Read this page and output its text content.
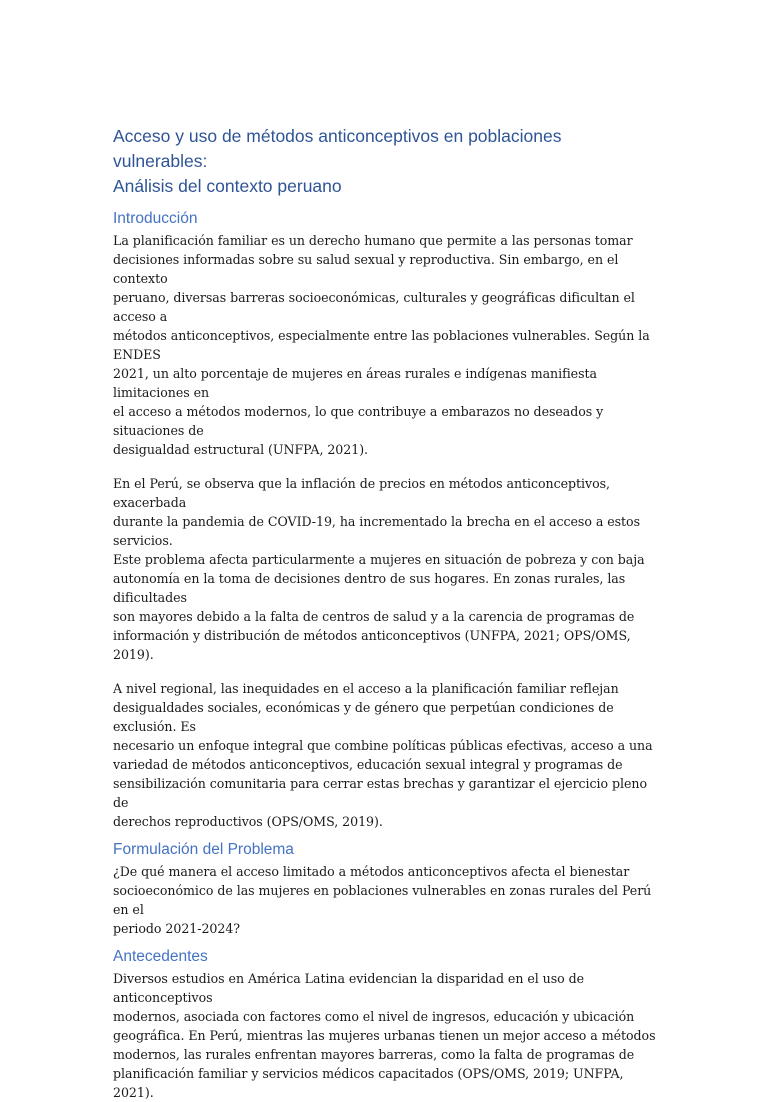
Acceso y uso de métodos anticonceptivos en poblaciones vulnerables:
Análisis del contexto peruano
Introducción

La planificación familiar es un derecho humano que permite a las personas tomar
decisiones informadas sobre su salud sexual y reproductiva. Sin embargo, en el contexto
peruano, diversas barreras socioeconómicas, culturales y geográficas dificultan el acceso a
métodos anticonceptivos, especialmente entre las poblaciones vulnerables. Según la ENDES
2021, un alto porcentaje de mujeres en áreas rurales e indígenas manifiesta limitaciones en
el acceso a métodos modernos, lo que contribuye a embarazos no deseados y situaciones de
desigualdad estructural (UNFPA, 2021).

En el Perú, se observa que la inflación de precios en métodos anticonceptivos, exacerbada
durante la pandemia de COVID-19, ha incrementado la brecha en el acceso a estos servicios.
Este problema afecta particularmente a mujeres en situación de pobreza y con baja
autonomía en la toma de decisiones dentro de sus hogares. En zonas rurales, las dificultades
son mayores debido a la falta de centros de salud y a la carencia de programas de
información y distribución de métodos anticonceptivos (UNFPA, 2021; OPS/OMS, 2019).

A nivel regional, las inequidades en el acceso a la planificación familiar reflejan
desigualdades sociales, económicas y de género que perpetúan condiciones de exclusión. Es
necesario un enfoque integral que combine políticas públicas efectivas, acceso a una
variedad de métodos anticonceptivos, educación sexual integral y programas de
sensibilización comunitaria para cerrar estas brechas y garantizar el ejercicio pleno de
derechos reproductivos (OPS/OMS, 2019).

Formulación del Problema

¿De qué manera el acceso limitado a métodos anticonceptivos afecta el bienestar
socioeconómico de las mujeres en poblaciones vulnerables en zonas rurales del Perú en el
periodo 2021-2024?

Antecedentes

Diversos estudios en América Latina evidencian la disparidad en el uso de anticonceptivos
modernos, asociada con factores como el nivel de ingresos, educación y ubicación
geográfica. En Perú, mientras las mujeres urbanas tienen un mejor acceso a métodos
modernos, las rurales enfrentan mayores barreras, como la falta de programas de
planificación familiar y servicios médicos capacitados (OPS/OMS, 2019; UNFPA, 2021).
